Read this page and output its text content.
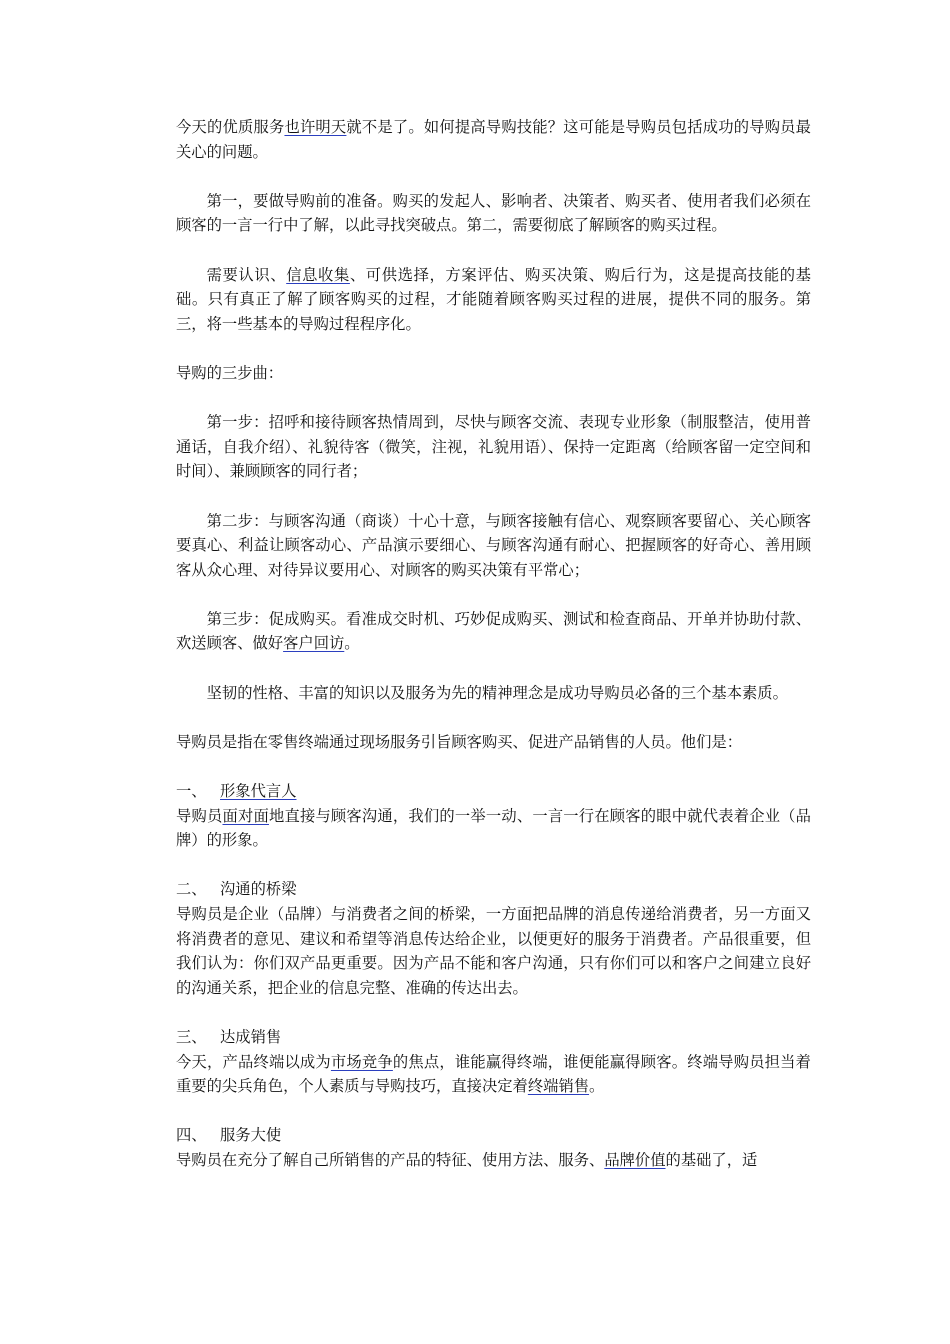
今天的优质服务也许明天就不是了。如何提高导购技能？这可能是导购员包括成功的导购员最关心的问题。

第一，要做导购前的准备。购买的发起人、影响者、决策者、购买者、使用者我们必须在顾客的一言一行中了解，以此寻找突破点。第二，需要彻底了解顾客的购买过程。

需要认识、信息收集、可供选择，方案评估、购买决策、购后行为，这是提高技能的基础。只有真正了解了顾客购买的过程，才能随着顾客购买过程的进展，提供不同的服务。第三，将一些基本的导购过程程序化。

导购的三步曲：

第一步：招呼和接待顾客热情周到，尽快与顾客交流、表现专业形象（制服整洁，使用普通话，自我介绍）、礼貌待客（微笑，注视，礼貌用语）、保持一定距离（给顾客留一定空间和时间）、兼顾顾客的同行者；

第二步：与顾客沟通（商谈）十心十意，与顾客接触有信心、观察顾客要留心、关心顾客要真心、利益让顾客动心、产品演示要细心、与顾客沟通有耐心、把握顾客的好奇心、善用顾客从众心理、对待异议要用心、对顾客的购买决策有平常心；

第三步：促成购买。看准成交时机、巧妙促成购买、测试和检查商品、开单并协助付款、欢送顾客、做好客户回访。

坚韧的性格、丰富的知识以及服务为先的精神理念是成功导购员必备的三个基本素质。

导购员是指在零售终端通过现场服务引旨顾客购买、促进产品销售的人员。他们是：

一、 形象代言人

导购员面对面地直接与顾客沟通，我们的一举一动、一言一行在顾客的眼中就代表着企业（品牌）的形象。

二、 沟通的桥梁

导购员是企业（品牌）与消费者之间的桥梁，一方面把品牌的消息传递给消费者，另一方面又将消费者的意见、建议和希望等消息传达给企业，以便更好的服务于消费者。产品很重要，但我们认为：你们双产品更重要。因为产品不能和客户沟通，只有你们可以和客户之间建立良好的沟通关系，把企业的信息完整、准确的传达出去。

三、 达成销售

今天，产品终端以成为市场竞争的焦点，谁能赢得终端，谁便能赢得顾客。终端导购员担当着重要的尖兵角色，个人素质与导购技巧，直接决定着终端销售。

四、 服务大使

导购员在充分了解自己所销售的产品的特征、使用方法、服务、品牌价值的基础了，适
